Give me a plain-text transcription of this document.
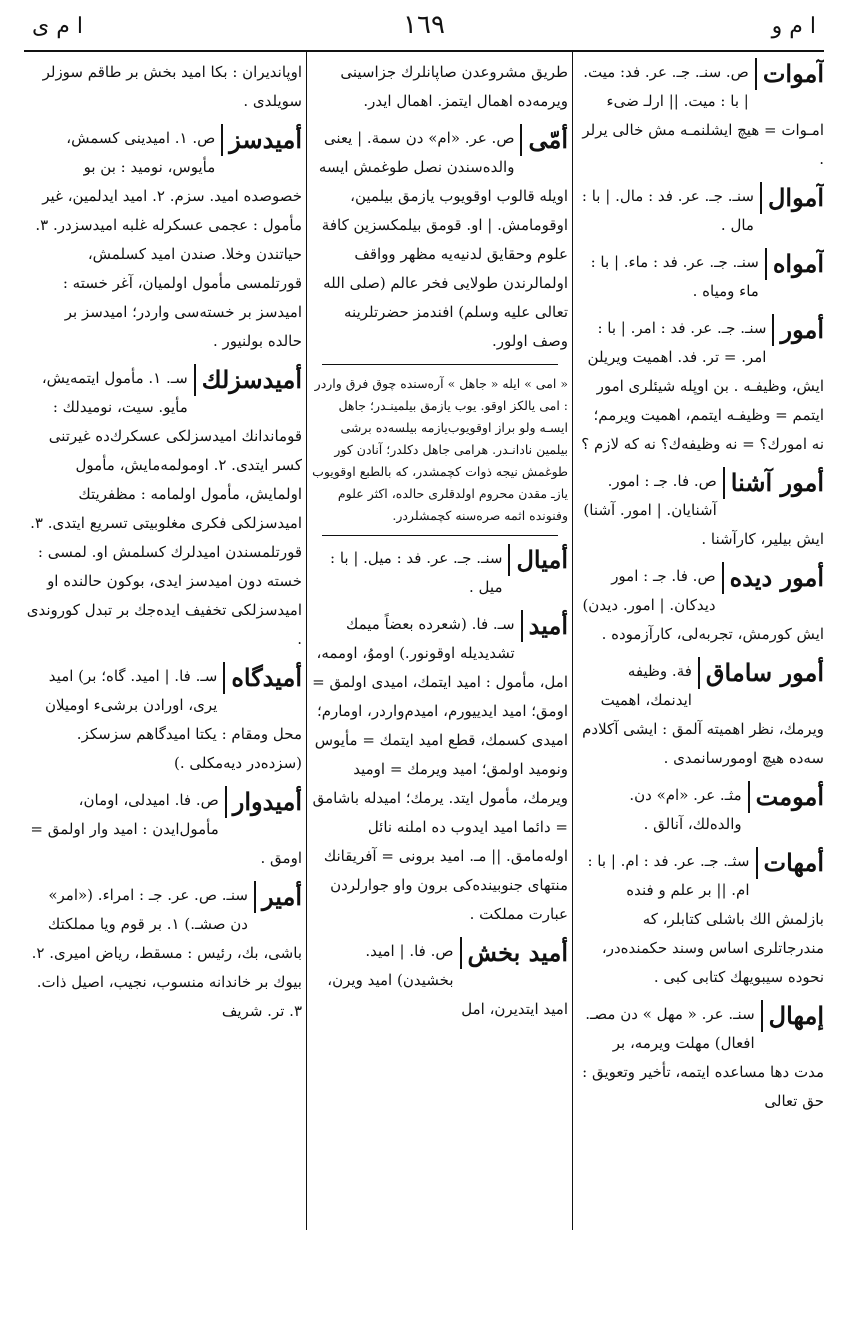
ا م ی	١٦٩	ا م و
آموات
ص. سنـ. جـ. عر. فد: ميت. | با : ميت. || ارلـ ضىء امـوات = هيچ ايشلنمـه مش خالى يرلر .
آموال
سنـ. جـ. عر. فد : مال. | با : مال .
آمواه
سنـ. جـ. عر. فد : ماء. | با : ماء ومياه .
أمور
سنـ. جـ. عر. فد : امر. | با : امر. = تر. فد. اهميت ويريلن ايش، وظيفـه . بن اوپله شيئلرى امور ايتمم = وظيفـه ايتمم، اهميت ويرمم؛ نه امورك؟ = نه وظيفه‌ك؟ نه كه لازم ؟
أمور آشنا
ص. فا. جـ : امور. آشنايان. | امور. آشنا) ايش بيلير، كارآشنا .
أمور ديده
ص. فا. جـ : امور ديدكان. | امور. ديدن) ايش كورمش، تجربه‌لى، كارآزموده .
أمور ساماق
فة. وظيفه ايدنمك، اهميت ويرمك، نظر اهميته آلمق : ايشى آكلادم سه‌ده هيچ اومورسانمدى .
أمومت
مثـ. عر. «ام» دن. والده‌لك، آنالق .
أمهات
سثـ. جـ. عر. فد : ام. | با : ام. || بر علم و فنده بازلمش الك باشلى كتابلر، كه مندرجاتلرى اساس وسند حكمنده‌در، نحوده سيبويهك كتابى كبى .
إمهال
سنـ. عر. « مهل » دن مصـ. افعال) مهلت ويرمه، بر مدت دها مساعده ايتمه، تأخير وتعويق : حق تعالى
طريق مشروعدن صاپانلرك جزاسينى ويرمه‌ده اهمال ايتمز. اهمال ايدر.
أمّى
ص. عر. «ام» دن سمة. | يعنى والده‌سندن نصل طوغمش ايسه اويله قالوب اوقويوب يازمق بيلمين، اوقومامش. | او. قومق بيلمكسزين كافة علوم وحقايق لدنيه‌يه مظهر وواقف اولمالرندن طولايى فخر عالم (صلى الله تعالى عليه وسلم) افندمز حضرتلرينه وصف اولور.
« امى » ايله « جاهل » آره‌سنده چوق فرق واردر : امى يالكز اوقو. يوب يازمق بيلمينـدر؛ جاهل ايسـه ولو براز اوقويوب‌يازمه بيلسه‌ده برشى بيلمين نادانـدر. هرامى جاهل دكلدر؛ آنادن كور طوغمش نيجه ذوات كچمشدر، كه بالطبع اوقويوب يازـ مقدن محروم اولدقلرى حالده، اكثر علوم وفنونده اثمه صره‌سنه كچمشلردر.
أميال
سنـ. جـ. عر. فد : ميل. | با : ميل .
أميد
سـ. فا. (شعرده بعضاً ميمك تشديديله اوقونور.) اوموُ، اوممه، امل، مأمول : اميد ايتمك، اميدى اولمق = اومق؛ اميد ايدييورم، اميدم‌واردر، اومارم؛ اميدى كسمك، قطع اميد ايتمك = مأيوس ونوميد اولمق؛ اميد ويرمك = اوميد ويرمك، مأمول ايتد. يرمك؛ اميدله باشامق = دائما اميد ايدوب ده املنه نائل اوله‌مامق. || مـ. اميد برونى = آفريقانك منتهاى جنوبينده‌كى برون واو جوارلردن عبارت مملكت .
أميد بخش
ص. فا. | اميد. بخشيدن) اميد ويرن، اميد ايتديرن، امل
اوپانديران : بكا اميد بخش بر طاقم سوزلر سويلدى .
أميدسز
ص. ١. اميدينى كسمش، مأيوس، نوميد : بن بو خصوصده اميد. سزم. ٢. اميد ايدلمين، غير مأمول : عجمى عسكرله غلبه اميدسزدر. ٣. حياتندن وخلا. صندن اميد كسلمش، قورتلمسى مأمول اولميان، آغر خسته : اميدسز بر خسته‌سى واردر؛ اميدسز بر حالده بولنيور .
أميدسزلك
سـ. ١. مأمول ايتمه‌يش، مأيو. سيت، نوميدلك : قوماندانك اميدسزلكى عسكرك‌ده غيرتنى كسر ايتدى. ٢. اومولمه‌مايش، مأمول اولمايش، مأمول اولمامه : مظفريتك اميدسزلكى فكرى مغلوبيتى تسريع ايتدى. ٣. قورتلمسندن اميدلرك كسلمش او. لمسى : خسته دون اميدسز ايدى، بوكون حالنده او اميدسزلكى تخفيف ايده‌جك بر تبدل كوروندى .
أميدگاه
سـ. فا. | اميد. گاه؛ بر) اميد يرى، اورادن برشىء اوميلان محل ومقام : يكتا اميدگاهم سزسكز. (سزده‌در ديه‌مكلى .)
أميدوار
ص. فا. اميدلى، اومان، مأمول‌ايدن : اميد وار اولمق = اومق .
أمير
سنـ. ص. عر. جـ : امراء. («امر» دن صشـ.) ١. بر قوم ويا مملكتك باشى، بك، رئيس : مسقط، رياض اميرى. ٢. بيوك بر خاندانه منسوب، نجيب، اصيل ذات. ٣. تر. شريف
